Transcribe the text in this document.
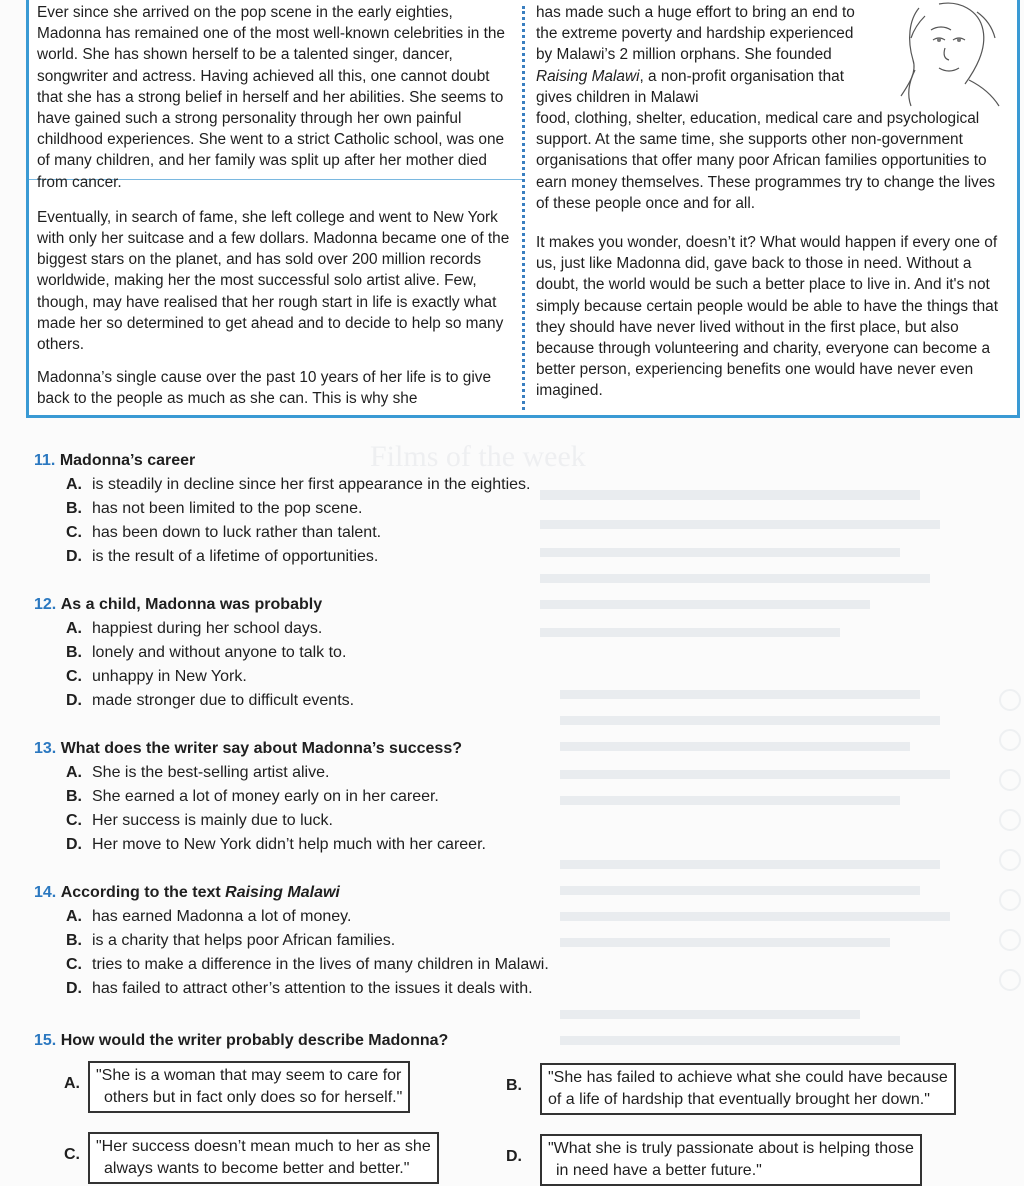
Films of the week

Ever since she arrived on the pop scene in the early eighties, Madonna has remained one of the most well-known celebrities in the world. She has shown herself to be a talented singer, dancer, songwriter and actress. Having achieved all this, one cannot doubt that she has a strong belief in herself and her abilities. She seems to have gained such a strong personality through her own painful childhood experiences. She went to a strict Catholic school, was one of many children, and her family was split up after her mother died from cancer.

Eventually, in search of fame, she left college and went to New York with only her suitcase and a few dollars. Madonna became one of the biggest stars on the planet, and has sold over 200 million records worldwide, making her the most successful solo artist alive. Few, though, may have realised that her rough start in life is exactly what made her so determined to get ahead and to decide to help so many others.

Madonna’s single cause over the past 10 years of her life is to give back to the people as much as she can. This is why she

has made such a huge effort to bring an end to the extreme poverty and hardship experienced by Malawi’s 2 million orphans. She founded Raising Malawi, a non-profit organisation that gives children in Malawi
food, clothing, shelter, education, medical care and psychological support. At the same time, she supports other non-government organisations that offer many poor African families opportunities to earn money themselves. These programmes try to change the lives of these people once and for all.

It makes you wonder, doesn’t it? What would happen if every one of us, just like Madonna did, gave back to those in need. Without a doubt, the world would be such a better place to live in. And it's not simply because certain people would be able to have the things that they should have never lived without in the first place, but also because through volunteering and charity, everyone can become a better person, experiencing benefits one would have never even imagined.

11. Madonna’s career
A. is steadily in decline since her first appearance in the eighties.
B. has not been limited to the pop scene.
C. has been down to luck rather than talent.
D. is the result of a lifetime of opportunities.
12. As a child, Madonna was probably
A. happiest during her school days.
B. lonely and without anyone to talk to.
C. unhappy in New York.
D. made stronger due to difficult events.
13. What does the writer say about Madonna’s success?
A. She is the best-selling artist alive.
B. She earned a lot of money early on in her career.
C. Her success is mainly due to luck.
D. Her move to New York didn’t help much with her career.
14. According to the text Raising Malawi
A. has earned Madonna a lot of money.
B. is a charity that helps poor African families.
C. tries to make a difference in the lives of many children in Malawi.
D. has failed to attract other’s attention to the issues it deals with.
15. How would the writer probably describe Madonna?
A. "She is a woman that may seem to care for
others but in fact only does so for herself."
B. "She has failed to achieve what she could have because
of a life of hardship that eventually brought her down."
C. "Her success doesn’t mean much to her as she
always wants to become better and better."
D. "What she is truly passionate about is helping those
in need have a better future."
